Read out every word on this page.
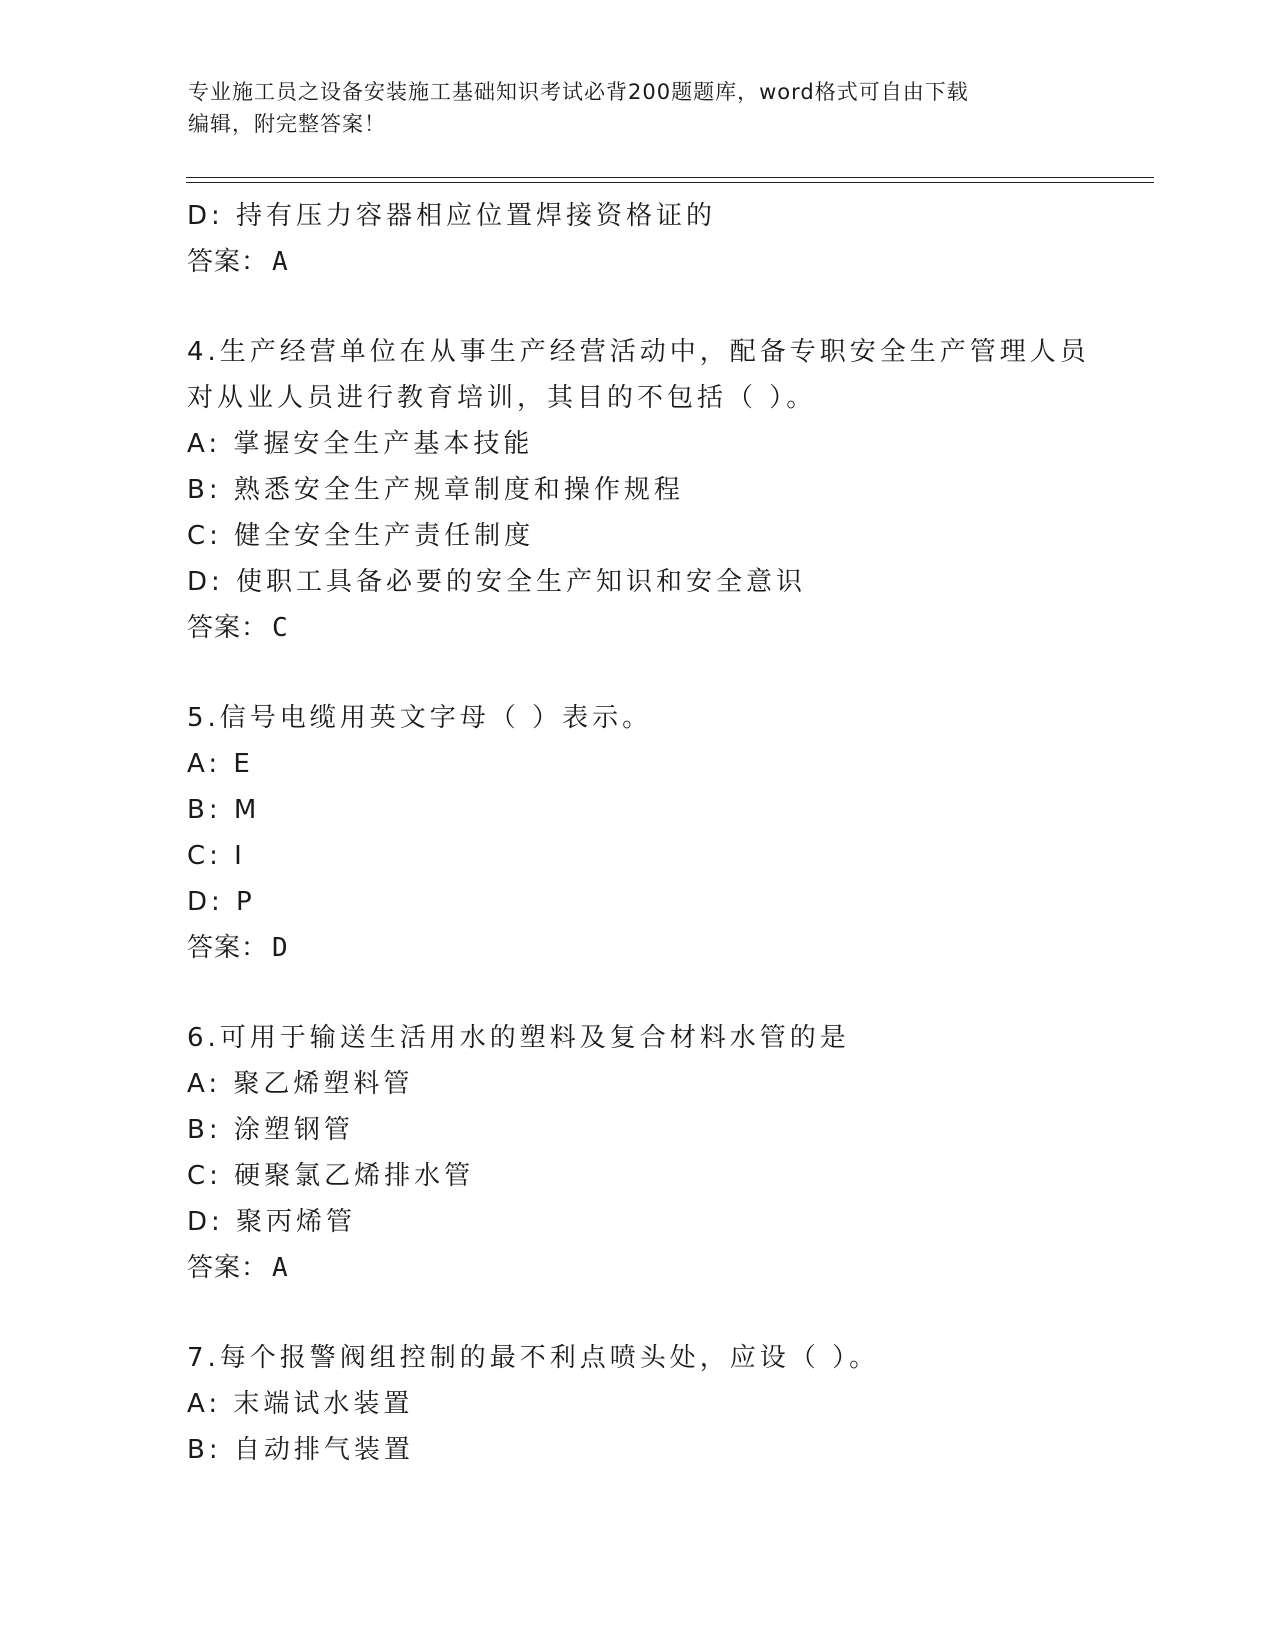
专业施工员之设备安装施工基础知识考试必背200题题库，word格式可自由下载
编辑，附完整答案！
D: 持有压力容器相应位置焊接资格证的
答案： A
4.生产经营单位在从事生产经营活动中，配备专职安全生产管理人员
对从业人员进行教育培训，其目的不包括（ ）。
A: 掌握安全生产基本技能
B: 熟悉安全生产规章制度和操作规程
C: 健全安全生产责任制度
D: 使职工具备必要的安全生产知识和安全意识
答案： C
5.信号电缆用英文字母（ ）表示。
A: E
B: M
C: I
D: P
答案： D
6.可用于输送生活用水的塑料及复合材料水管的是
A: 聚乙烯塑料管
B: 涂塑钢管
C: 硬聚氯乙烯排水管
D: 聚丙烯管
答案： A
7.每个报警阀组控制的最不利点喷头处，应设（ ）。
A: 末端试水装置
B: 自动排气装置
